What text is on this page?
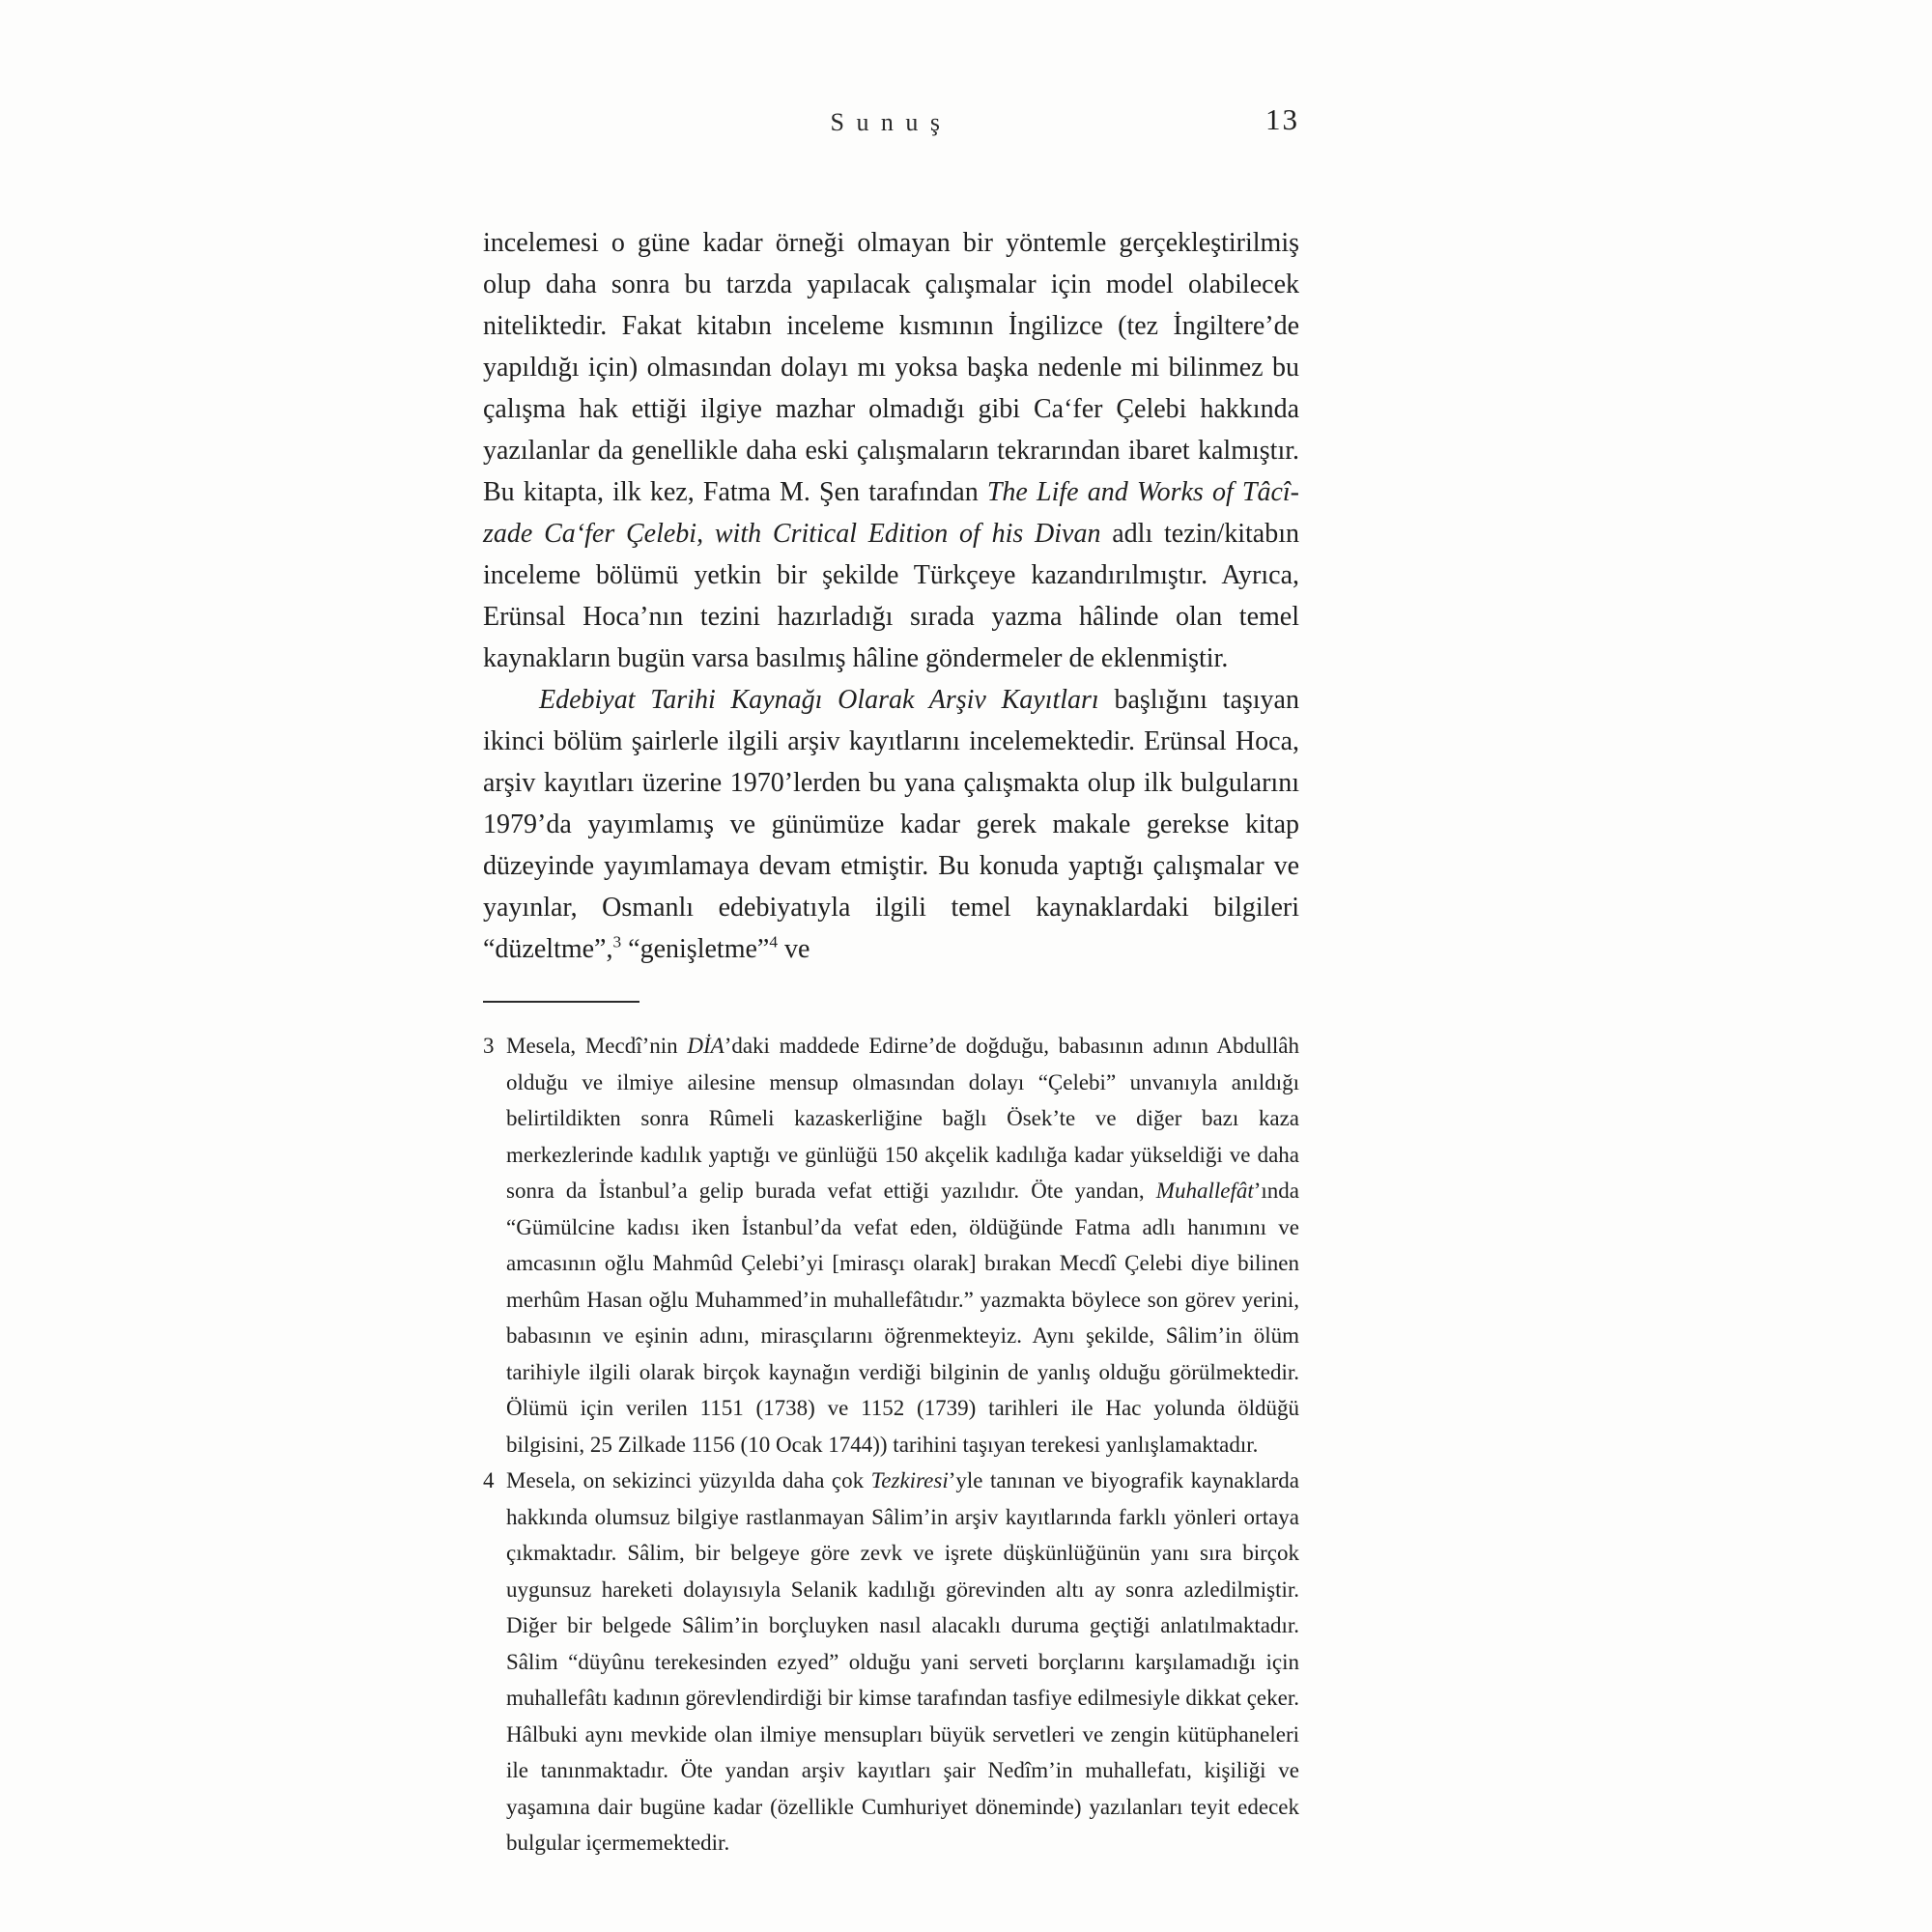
Sunuş	13

incelemesi o güne kadar örneği olmayan bir yöntemle gerçekleştirilmiş olup daha sonra bu tarzda yapılacak çalışmalar için model olabilecek niteliktedir. Fakat kitabın inceleme kısmının İngilizce (tez İngiltere’de yapıldığı için) olmasından dolayı mı yoksa başka nedenle mi bilinmez bu çalışma hak ettiği ilgiye mazhar olmadığı gibi Ca‘fer Çelebi hakkında yazılanlar da genellikle daha eski çalışmaların tekrarından ibaret kalmıştır. Bu kitapta, ilk kez, Fatma M. Şen tarafından The Life and Works of Tâcî-zade Ca‘fer Çelebi, with Critical Edition of his Divan adlı tezin/kitabın inceleme bölümü yetkin bir şekilde Türkçeye kazandırılmıştır. Ayrıca, Erünsal Hoca’nın tezini hazırladığı sırada yazma hâlinde olan temel kaynakların bugün varsa basılmış hâline göndermeler de eklenmiştir.

Edebiyat Tarihi Kaynağı Olarak Arşiv Kayıtları başlığını taşıyan ikinci bölüm şairlerle ilgili arşiv kayıtlarını incelemektedir. Erünsal Hoca, arşiv kayıtları üzerine 1970’lerden bu yana çalışmakta olup ilk bulgularını 1979’da yayımlamış ve günümüze kadar gerek makale gerekse kitap düzeyinde yayımlamaya devam etmiştir. Bu konuda yaptığı çalışmalar ve yayınlar, Osmanlı edebiyatıyla ilgili temel kaynaklardaki bilgileri “düzeltme”,$^3$ “genişletme”$^4$ ve

3 Mesela, Mecdî’nin DİA’daki maddede Edirne’de doğduğu, babasının adının Abdullâh olduğu ve ilmiye ailesine mensup olmasından dolayı “Çelebi” unvanıyla anıldığı belirtildikten sonra Rûmeli kazaskerliğine bağlı Ösek’te ve diğer bazı kaza merkezlerinde kadılık yaptığı ve günlüğü 150 akçelik kadılığa kadar yükseldiği ve daha sonra da İstanbul’a gelip burada vefat ettiği yazılıdır. Öte yandan, Muhallefât’ında “Gümülcine kadısı iken İstanbul’da vefat eden, öldüğünde Fatma adlı hanımını ve amcasının oğlu Mahmûd Çelebi’yi [mirasçı olarak] bırakan Mecdî Çelebi diye bilinen merhûm Hasan oğlu Muhammed’in muhallefâtıdır.” yazmakta böylece son görev yerini, babasının ve eşinin adını, mirasçılarını öğrenmekteyiz. Aynı şekilde, Sâlim’in ölüm tarihiyle ilgili olarak birçok kaynağın verdiği bilginin de yanlış olduğu görülmektedir. Ölümü için verilen 1151 (1738) ve 1152 (1739) tarihleri ile Hac yolunda öldüğü bilgisini, 25 Zilkade 1156 (10 Ocak 1744)) tarihini taşıyan terekesi yanlışlamaktadır.
4 Mesela, on sekizinci yüzyılda daha çok Tezkiresi’yle tanınan ve biyografik kaynaklarda hakkında olumsuz bilgiye rastlanmayan Sâlim’in arşiv kayıtlarında farklı yönleri ortaya çıkmaktadır. Sâlim, bir belgeye göre zevk ve işrete düşkünlüğünün yanı sıra birçok uygunsuz hareketi dolayısıyla Selanik kadılığı görevinden altı ay sonra azledilmiştir. Diğer bir belgede Sâlim’in borçluyken nasıl alacaklı duruma geçtiği anlatılmaktadır. Sâlim “düyûnu terekesinden ezyed” olduğu yani serveti borçlarını karşılamadığı için muhallefâtı kadının görevlendirdiği bir kimse tarafından tasfiye edilmesiyle dikkat çeker. Hâlbuki aynı mevkide olan ilmiye mensupları büyük servetleri ve zengin kütüphaneleri ile tanınmaktadır. Öte yandan arşiv kayıtları şair Nedîm’in muhallefatı, kişiliği ve yaşamına dair bugüne kadar (özellikle Cumhuriyet döneminde) yazılanları teyit edecek bulgular içermemektedir.
